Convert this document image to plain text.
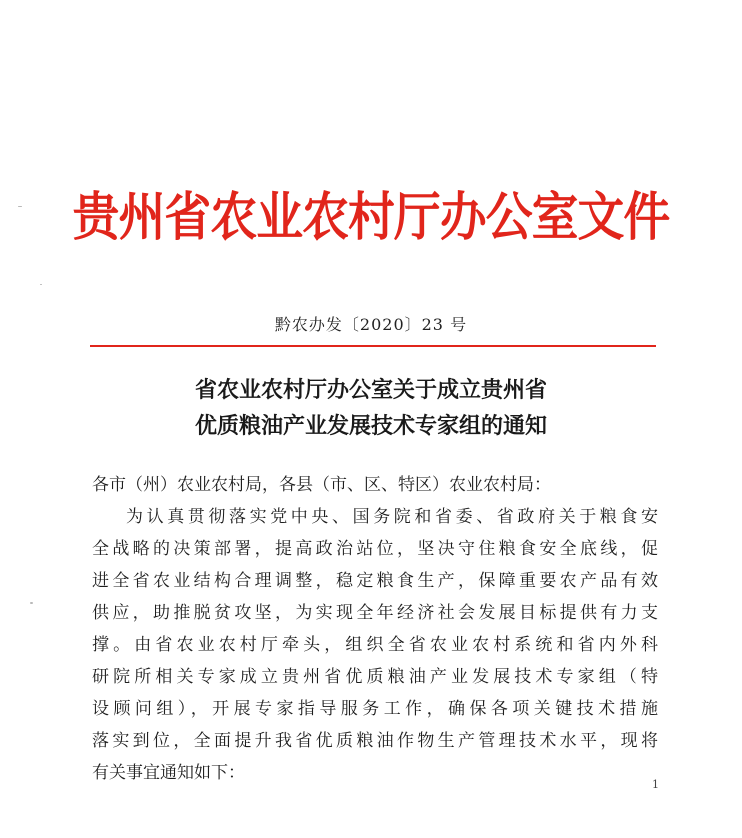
贵州省农业农村厅办公室文件
黔农办发〔2020〕23 号
省农业农村厅办公室关于成立贵州省
优质粮油产业发展技术专家组的通知
各市（州）农业农村局，各县（市、区、特区）农业农村局：
为认真贯彻落实党中央、国务院和省委、省政府关于粮食安
全战略的决策部署，提高政治站位，坚决守住粮食安全底线，促
进全省农业结构合理调整，稳定粮食生产，保障重要农产品有效
供应，助推脱贫攻坚，为实现全年经济社会发展目标提供有力支
撑。由省农业农村厅牵头，组织全省农业农村系统和省内外科
研院所相关专家成立贵州省优质粮油产业发展技术专家组（特
设顾问组），开展专家指导服务工作，确保各项关键技术措施
落实到位，全面提升我省优质粮油作物生产管理技术水平，现将
有关事宜通知如下：
1
